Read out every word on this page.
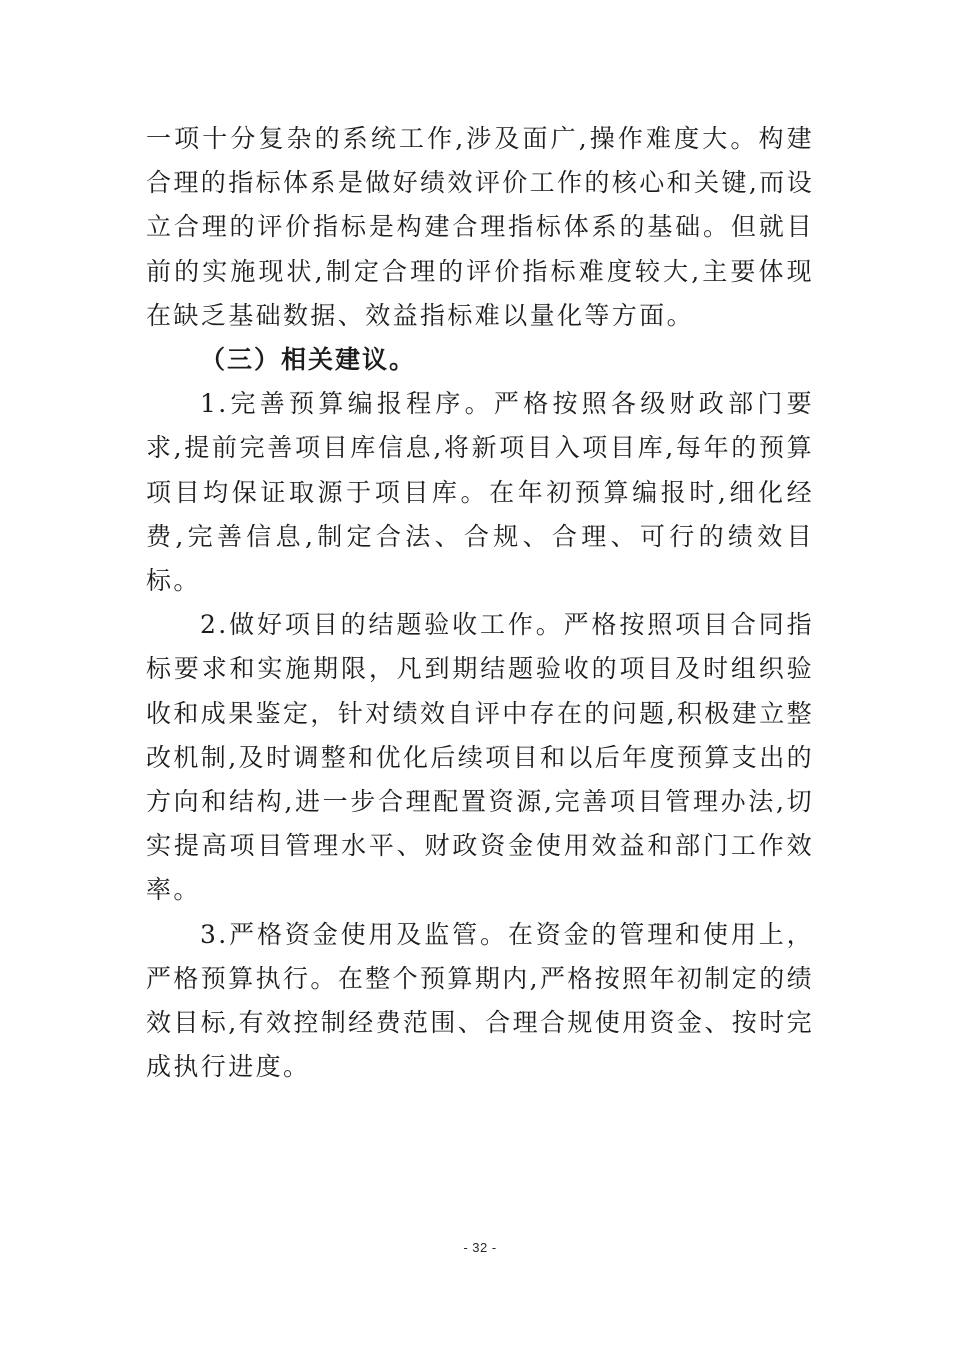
一项十分复杂的系统工作,涉及面广,操作难度大。构建合理的指标体系是做好绩效评价工作的核心和关键,而设立合理的评价指标是构建合理指标体系的基础。但就目前的实施现状,制定合理的评价指标难度较大,主要体现在缺乏基础数据、效益指标难以量化等方面。

（三）相关建议。

1.完善预算编报程序。严格按照各级财政部门要求,提前完善项目库信息,将新项目入项目库,每年的预算项目均保证取源于项目库。在年初预算编报时,细化经费,完善信息,制定合法、合规、合理、可行的绩效目标。

2.做好项目的结题验收工作。严格按照项目合同指标要求和实施期限，凡到期结题验收的项目及时组织验收和成果鉴定，针对绩效自评中存在的问题,积极建立整改机制,及时调整和优化后续项目和以后年度预算支出的方向和结构,进一步合理配置资源,完善项目管理办法,切实提高项目管理水平、财政资金使用效益和部门工作效率。

3.严格资金使用及监管。在资金的管理和使用上，严格预算执行。在整个预算期内,严格按照年初制定的绩效目标,有效控制经费范围、合理合规使用资金、按时完成执行进度。

- 32 -
